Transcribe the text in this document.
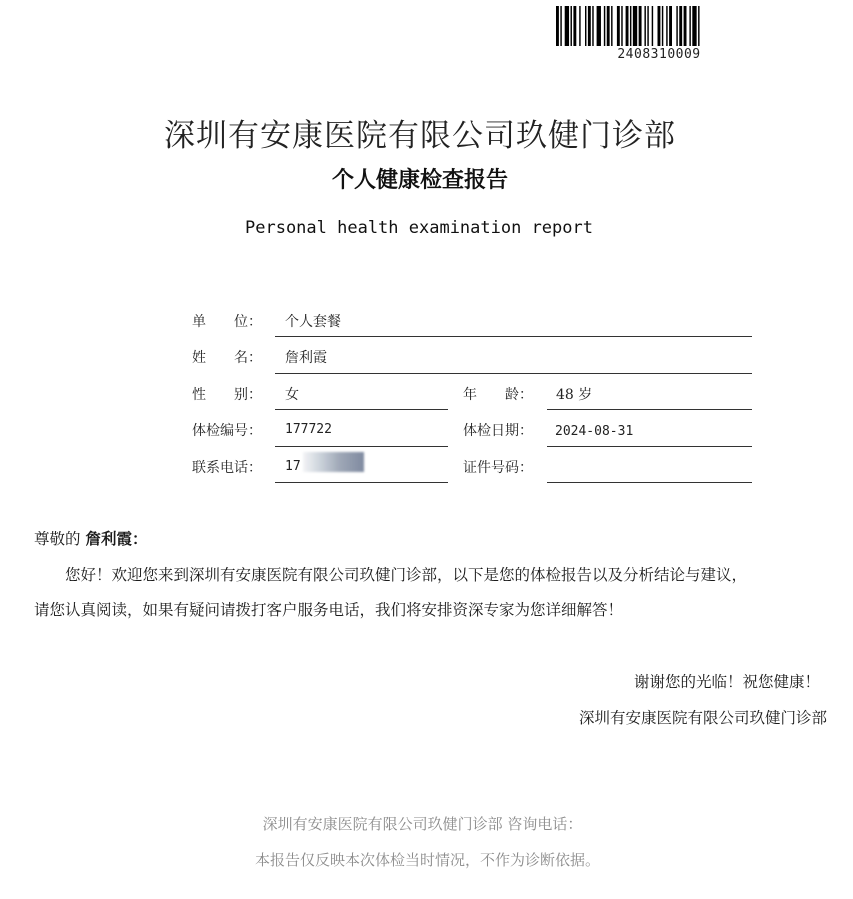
2408310009
深圳有安康医院有限公司玖健门诊部
个人健康检查报告
Personal health examination report
单　　位： 个人套餐
姓　　名： 詹利霞
性　　别： 女	年　　龄： 48 岁
体检编号： 177722	体检日期： 2024-08-31
联系电话： 17	证件号码：
尊敬的 詹利霞：
您好！欢迎您来到深圳有安康医院有限公司玖健门诊部，以下是您的体检报告以及分析结论与建议，
请您认真阅读，如果有疑问请拨打客户服务电话，我们将安排资深专家为您详细解答！
谢谢您的光临！祝您健康！
深圳有安康医院有限公司玖健门诊部
深圳有安康医院有限公司玖健门诊部 咨询电话：
本报告仅反映本次体检当时情况，不作为诊断依据。
